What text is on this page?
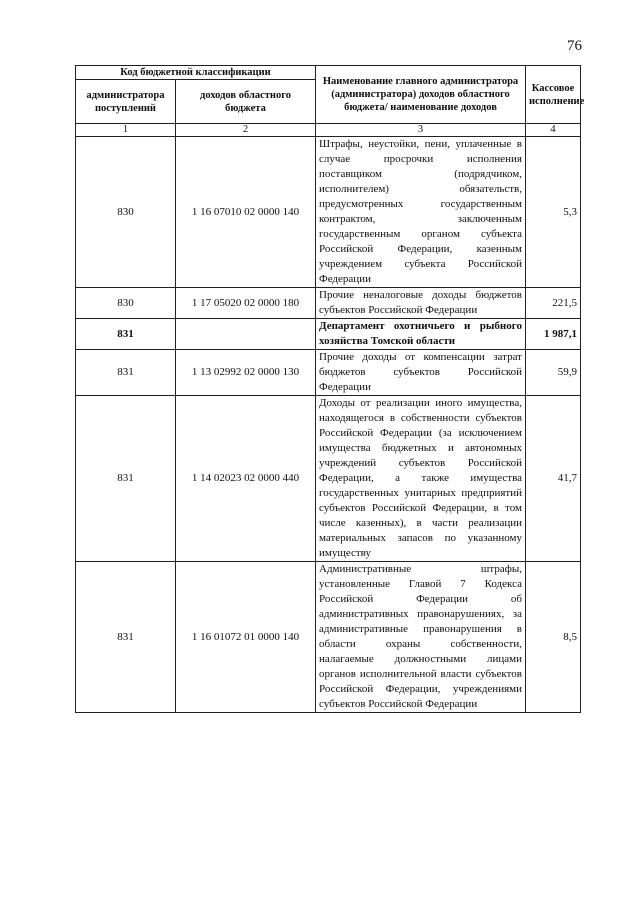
76
Код бюджетной классификации		Наименование главного администратора (администратора) доходов областного бюджета/ наименование доходов	Кассовое исполнение
администратора поступлений	доходов областного бюджета		
1	2	3	4
830	1 16 07010 02 0000 140	Штрафы, неустойки, пени, уплаченные в случае просрочки исполнения поставщиком (подрядчиком, исполнителем) обязательств, предусмотренных государственным контрактом, заключенным государственным органом субъекта Российской Федерации, казенным учреждением субъекта Российской Федерации	5,3
830	1 17 05020 02 0000 180	Прочие неналоговые доходы бюджетов субъектов Российской Федерации	221,5
831		Департамент охотничьего и рыбного хозяйства Томской области	1 987,1
831	1 13 02992 02 0000 130	Прочие доходы от компенсации затрат бюджетов субъектов Российской Федерации	59,9
831	1 14 02023 02 0000 440	Доходы от реализации иного имущества, находящегося в собственности субъектов Российской Федерации (за исключением имущества бюджетных и автономных учреждений субъектов Российской Федерации, а также имущества государственных унитарных предприятий субъектов Российской Федерации, в том числе казенных), в части реализации материальных запасов по указанному имуществу	41,7
831	1 16 01072 01 0000 140	Административные штрафы, установленные Главой 7 Кодекса Российской Федерации об административных правонарушениях, за административные правонарушения в области охраны собственности, налагаемые должностными лицами органов исполнительной власти субъектов Российской Федерации, учреждениями субъектов Российской Федерации	8,5
